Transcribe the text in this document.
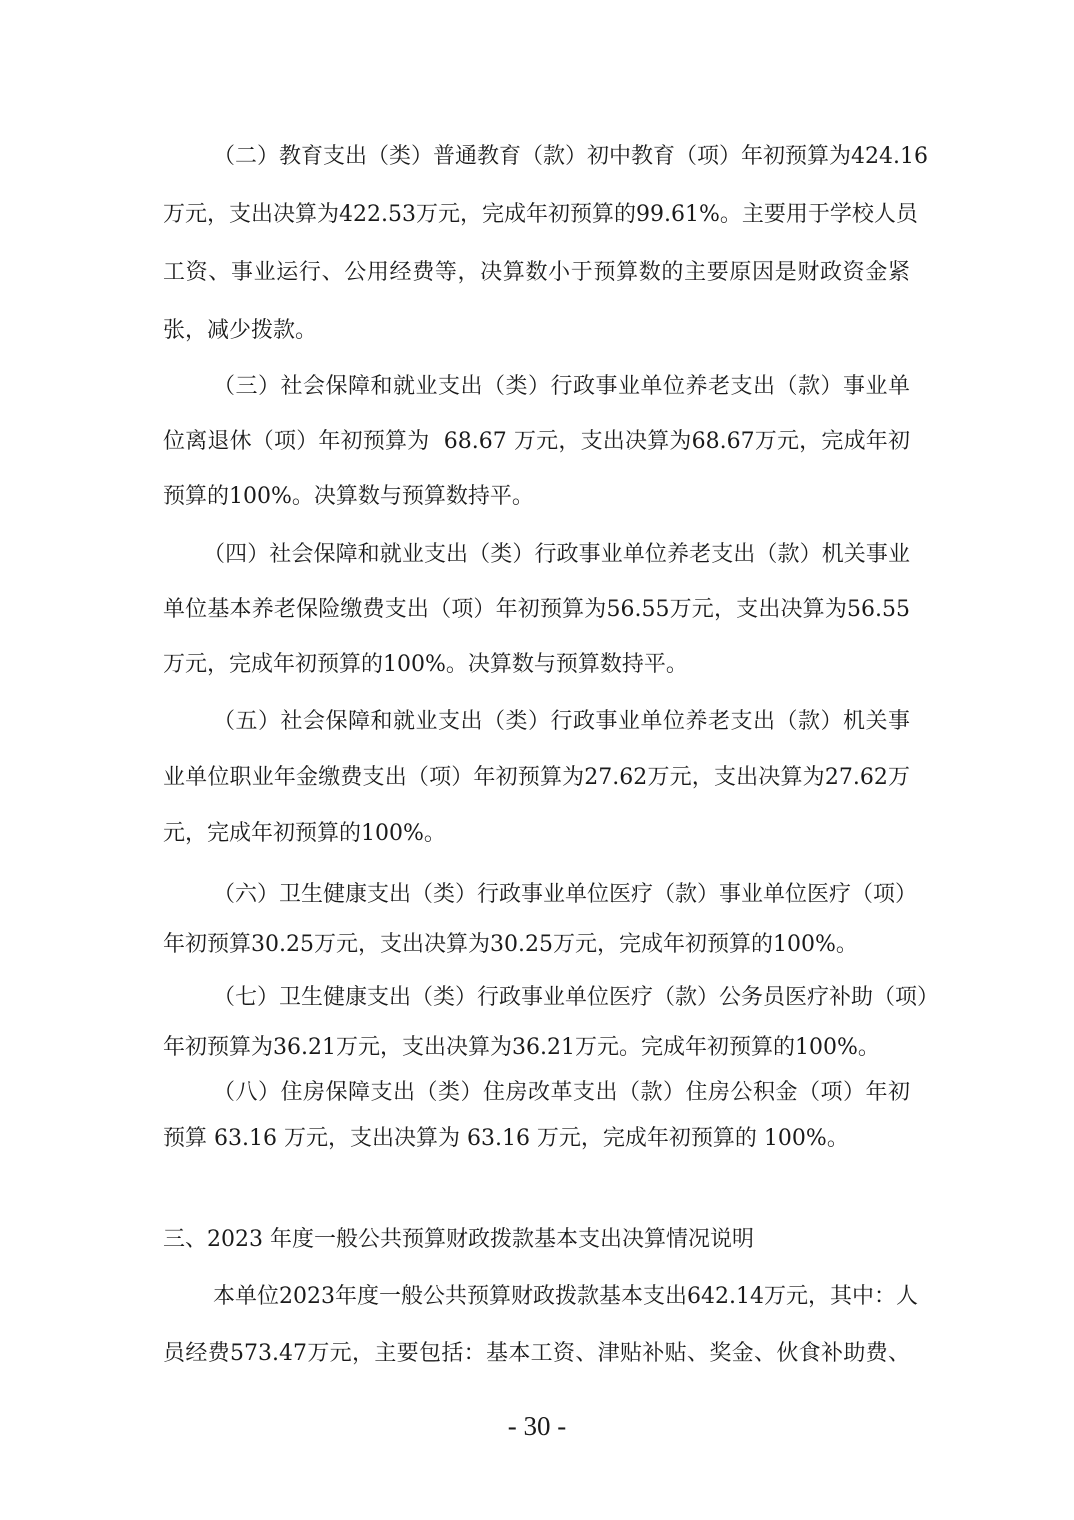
（二）教育支出（类）普通教育（款）初中教育（项）年初预算为424.16
万元，支出决算为422.53万元，完成年初预算的99.61%。主要用于学校人员
工资、事业运行、公用经费等，决算数小于预算数的主要原因是财政资金紧
张，减少拨款。
（三）社会保障和就业支出（类）行政事业单位养老支出（款）事业单
位离退休（项）年初预算为  68.67 万元，支出决算为68.67万元，完成年初
预算的100%。决算数与预算数持平。
（四）社会保障和就业支出（类）行政事业单位养老支出（款）机关事业
单位基本养老保险缴费支出（项）年初预算为56.55万元，支出决算为56.55
万元，完成年初预算的100%。决算数与预算数持平。
（五）社会保障和就业支出（类）行政事业单位养老支出（款）机关事
业单位职业年金缴费支出（项）年初预算为27.62万元，支出决算为27.62万
元，完成年初预算的100%。
（六）卫生健康支出（类）行政事业单位医疗（款）事业单位医疗（项）
年初预算30.25万元，支出决算为30.25万元，完成年初预算的100%。
（七）卫生健康支出（类）行政事业单位医疗（款）公务员医疗补助（项）
年初预算为36.21万元，支出决算为36.21万元。完成年初预算的100%。
（八）住房保障支出（类）住房改革支出（款）住房公积金（项）年初
预算 63.16 万元，支出决算为 63.16 万元，完成年初预算的 100%。
三、2023 年度一般公共预算财政拨款基本支出决算情况说明
本单位2023年度一般公共预算财政拨款基本支出642.14万元，其中：人
员经费573.47万元，主要包括：基本工资、津贴补贴、奖金、伙食补助费、
- 30 -
